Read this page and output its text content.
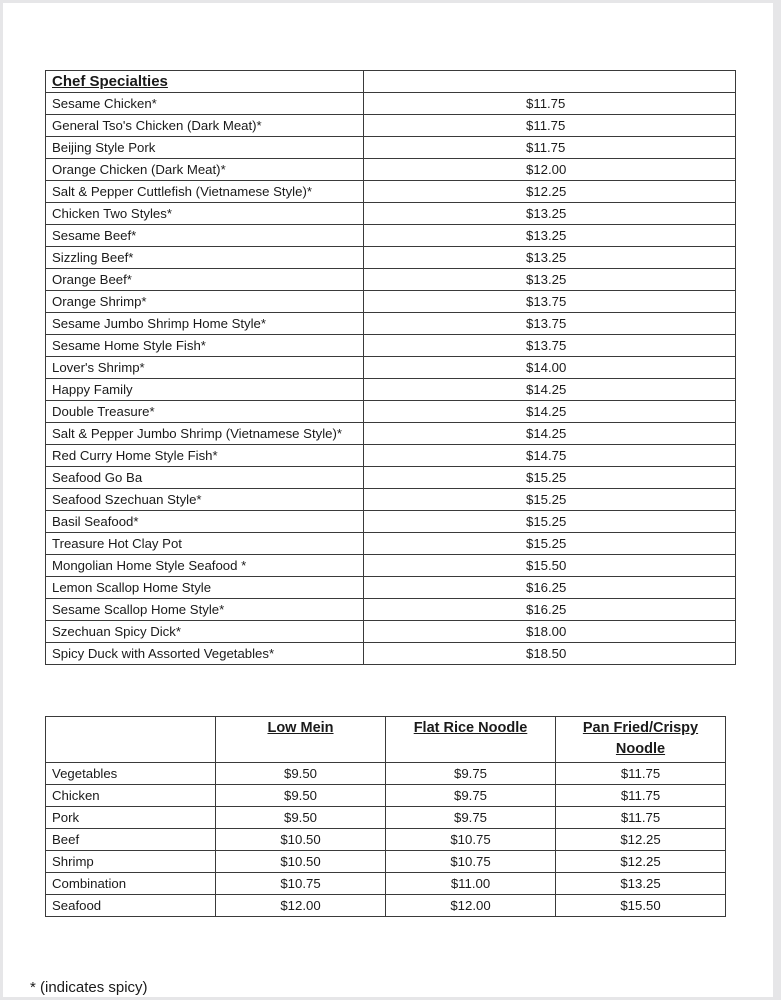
Chef Specialties	
Sesame Chicken*	$11.75
General Tso's Chicken (Dark Meat)*	$11.75
Beijing Style Pork	$11.75
Orange Chicken (Dark Meat)*	$12.00
Salt & Pepper Cuttlefish (Vietnamese Style)*	$12.25
Chicken Two Styles*	$13.25
Sesame Beef*	$13.25
Sizzling Beef*	$13.25
Orange Beef*	$13.25
Orange Shrimp*	$13.75
Sesame Jumbo Shrimp Home Style*	$13.75
Sesame Home Style Fish*	$13.75
Lover's Shrimp*	$14.00
Happy Family	$14.25
Double Treasure*	$14.25
Salt & Pepper Jumbo Shrimp (Vietnamese Style)*	$14.25
Red Curry Home Style Fish*	$14.75
Seafood Go Ba	$15.25
Seafood Szechuan Style*	$15.25
Basil Seafood*	$15.25
Treasure Hot Clay Pot	$15.25
Mongolian Home Style Seafood *	$15.50
Lemon Scallop Home Style	$16.25
Sesame Scallop Home Style*	$16.25
Szechuan Spicy Dick*	$18.00
Spicy Duck with Assorted Vegetables*	$18.50
	Low Mein	Flat Rice Noodle	Pan Fried/Crispy Noodle
Vegetables	$9.50	$9.75	$11.75
Chicken	$9.50	$9.75	$11.75
Pork	$9.50	$9.75	$11.75
Beef	$10.50	$10.75	$12.25
Shrimp	$10.50	$10.75	$12.25
Combination	$10.75	$11.00	$13.25
Seafood	$12.00	$12.00	$15.50
* (indicates spicy)
